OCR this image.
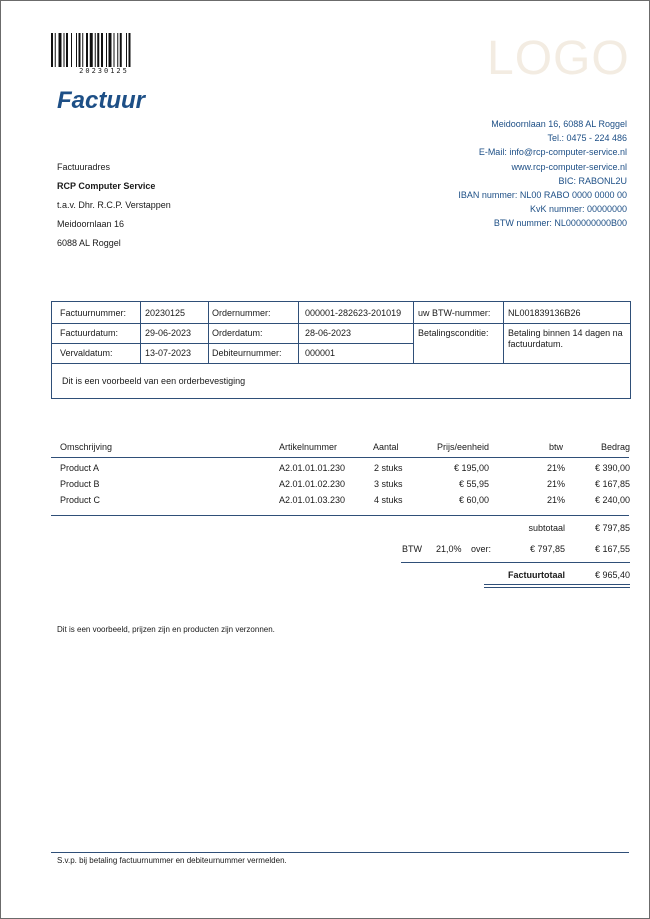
20230125	LOGO
Factuur
Meidoornlaan 16, 6088 AL Roggel
Tel.: 0475 - 224 486
E-Mail: info@rcp-computer-service.nl
www.rcp-computer-service.nl
BIC: RABONL2U
IBAN nummer: NL00 RABO 0000 0000 00
KvK nummer: 00000000
BTW nummer: NL000000000B00
Factuuradres
RCP Computer Service
t.a.v. Dhr. R.C.P. Verstappen
Meidoornlaan 16
6088 AL Roggel
Factuurnummer: 20230125
Factuurdatum:	29-06-2023
Vervaldatum:	13-07-2023
Ordernummer:	000001-282623-201019
Orderdatum:	28-06-2023
Debiteurnummer:	000001
uw BTW-nummer: NL001839136B26
Betalingsconditie: Betaling binnen 14 dagen na factuurdatum.
Dit is een voorbeeld van een orderbevestiging
Omschrijving	Artikelnummer	Aantal	Prijs/eenheid	btw	Bedrag
Product A	A2.01.01.01.230	2 stuks	€ 195,00	21%	€ 390,00
Product B	A2.01.01.02.230	3 stuks	€ 55,95	21%	€ 167,85
Product C	A2.01.01.03.230	4 stuks	€ 60,00	21%	€ 240,00
subtotaal	€ 797,85
BTW 21,0% over:	€ 797,85	€ 167,55
Factuurtotaal	€ 965,40
Dit is een voorbeeld, prijzen zijn en producten zijn verzonnen.
S.v.p. bij betaling factuurnummer en debiteurnummer vermelden.
